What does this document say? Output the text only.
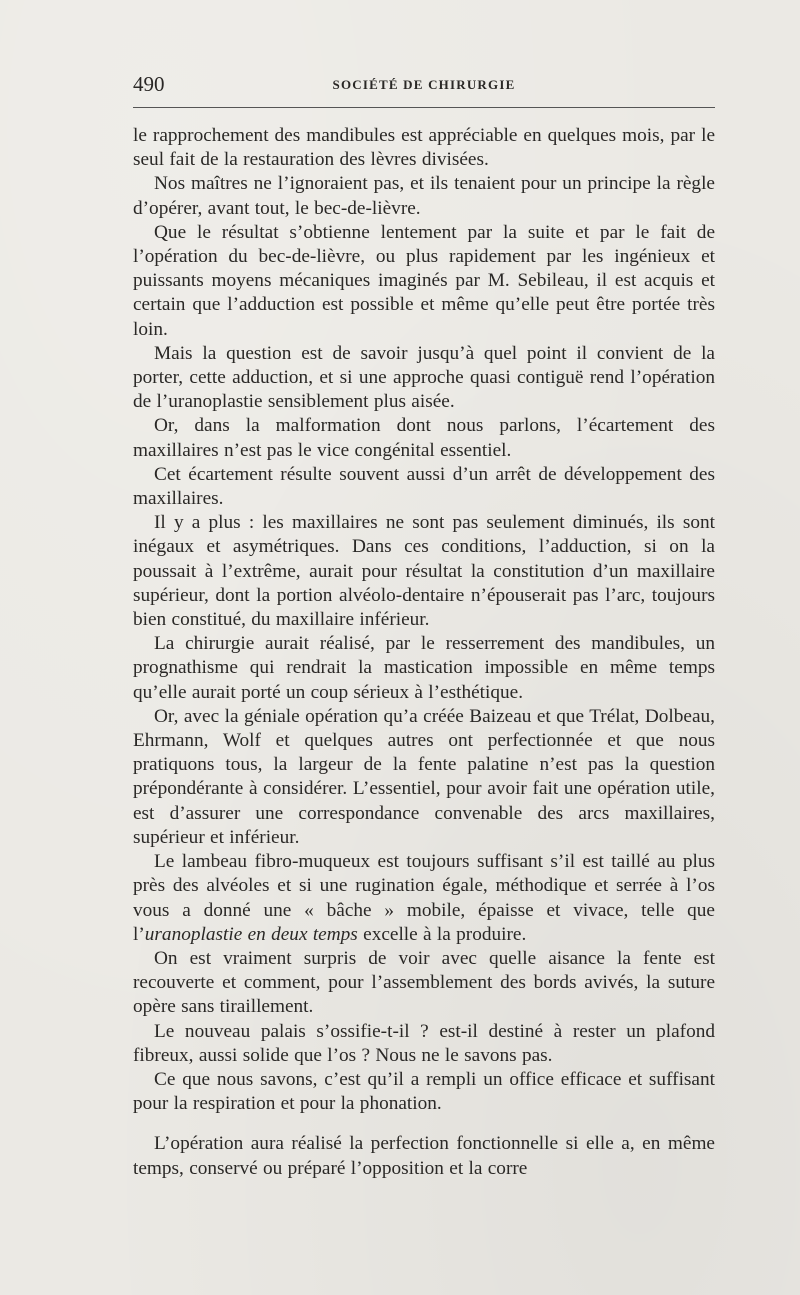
490	SOCIÉTÉ DE CHIRURGIE

le rapprochement des mandibules est appréciable en quelques mois, par le seul fait de la restauration des lèvres divisées.

Nos maîtres ne l’ignoraient pas, et ils tenaient pour un principe la règle d’opérer, avant tout, le bec-de-lièvre.

Que le résultat s’obtienne lentement par la suite et par le fait de l’opération du bec-de-lièvre, ou plus rapidement par les ingénieux et puissants moyens mécaniques imaginés par M. Sebileau, il est acquis et certain que l’adduction est possible et même qu’elle peut être portée très loin.

Mais la question est de savoir jusqu’à quel point il convient de la porter, cette adduction, et si une approche quasi contiguë rend l’opération de l’uranoplastie sensiblement plus aisée.

Or, dans la malformation dont nous parlons, l’écartement des maxillaires n’est pas le vice congénital essentiel.

Cet écartement résulte souvent aussi d’un arrêt de développement des maxillaires.

Il y a plus : les maxillaires ne sont pas seulement diminués, ils sont inégaux et asymétriques. Dans ces conditions, l’adduction, si on la poussait à l’extrême, aurait pour résultat la constitution d’un maxillaire supérieur, dont la portion alvéolo-dentaire n’épouserait pas l’arc, toujours bien constitué, du maxillaire inférieur.

La chirurgie aurait réalisé, par le resserrement des mandibules, un prognathisme qui rendrait la mastication impossible en même temps qu’elle aurait porté un coup sérieux à l’esthétique.

Or, avec la géniale opération qu’a créée Baizeau et que Trélat, Dolbeau, Ehrmann, Wolf et quelques autres ont perfectionnée et que nous pratiquons tous, la largeur de la fente palatine n’est pas la question prépondérante à considérer. L’essentiel, pour avoir fait une opération utile, est d’assurer une correspondance convenable des arcs maxillaires, supérieur et inférieur.

Le lambeau fibro-muqueux est toujours suffisant s’il est taillé au plus près des alvéoles et si une rugination égale, méthodique et serrée à l’os vous a donné une « bâche » mobile, épaisse et vivace, telle que l’uranoplastie en deux temps excelle à la produire.

On est vraiment surpris de voir avec quelle aisance la fente est recouverte et comment, pour l’assemblement des bords avivés, la suture opère sans tiraillement.

Le nouveau palais s’ossifie-t-il ? est-il destiné à rester un plafond fibreux, aussi solide que l’os ? Nous ne le savons pas.

Ce que nous savons, c’est qu’il a rempli un office efficace et suffisant pour la respiration et pour la phonation.

L’opération aura réalisé la perfection fonctionnelle si elle a, en même temps, conservé ou préparé l’opposition et la corre
